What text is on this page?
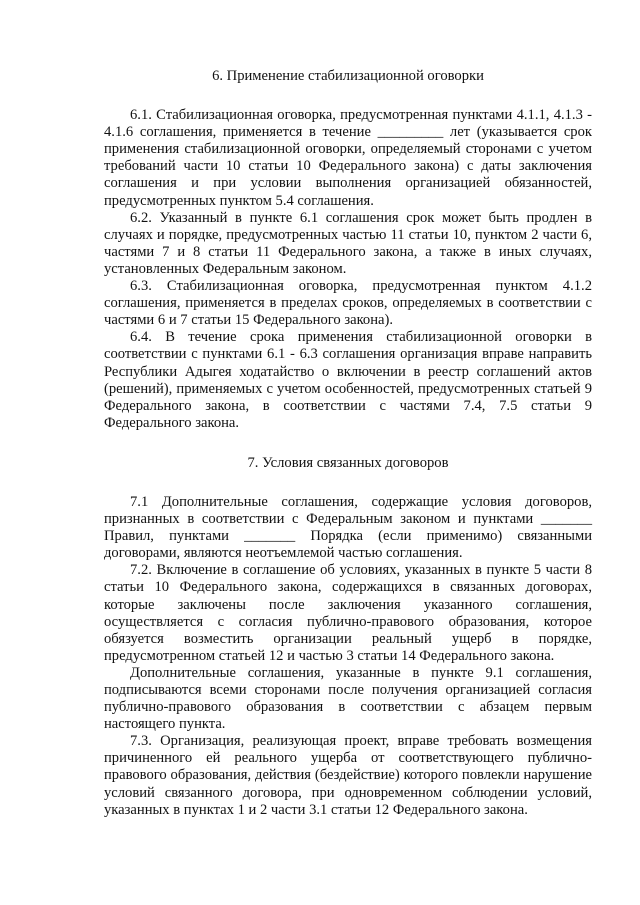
6. Применение стабилизационной оговорки

6.1. Стабилизационная оговорка, предусмотренная пунктами 4.1.1, 4.1.3 - 4.1.6 соглашения, применяется в течение _________ лет (указывается срок применения стабилизационной оговорки, определяемый сторонами с учетом требований части 10 статьи 10 Федерального закона) с даты заключения соглашения и при условии выполнения организацией обязанностей, предусмотренных пунктом 5.4 соглашения.

6.2. Указанный в пункте 6.1 соглашения срок может быть продлен в случаях и порядке, предусмотренных частью 11 статьи 10, пунктом 2 части 6, частями 7 и 8 статьи 11 Федерального закона, а также в иных случаях, установленных Федеральным законом.

6.3. Стабилизационная оговорка, предусмотренная пунктом 4.1.2 соглашения, применяется в пределах сроков, определяемых в соответствии с частями 6 и 7 статьи 15 Федерального закона).

6.4. В течение срока применения стабилизационной оговорки в соответствии с пунктами 6.1 - 6.3 соглашения организация вправе направить Республики Адыгея ходатайство о включении в реестр соглашений актов (решений), применяемых с учетом особенностей, предусмотренных статьей 9 Федерального закона, в соответствии с частями 7.4, 7.5 статьи 9 Федерального закона.

7. Условия связанных договоров

7.1 Дополнительные соглашения, содержащие условия договоров, признанных в соответствии с Федеральным законом и пунктами _______ Правил, пунктами _______ Порядка (если применимо) связанными договорами, являются неотъемлемой частью соглашения.

7.2. Включение в соглашение об условиях, указанных в пункте 5 части 8 статьи 10 Федерального закона, содержащихся в связанных договорах, которые заключены после заключения указанного соглашения, осуществляется с согласия публично-правового образования, которое обязуется возместить организации реальный ущерб в порядке, предусмотренном статьей 12 и частью 3 статьи 14 Федерального закона.

Дополнительные соглашения, указанные в пункте 9.1 соглашения, подписываются всеми сторонами после получения организацией согласия публично-правового образования в соответствии с абзацем первым настоящего пункта.

7.3. Организация, реализующая проект, вправе требовать возмещения причиненного ей реального ущерба от соответствующего публично-правового образования, действия (бездействие) которого повлекли нарушение условий связанного договора, при одновременном соблюдении условий, указанных в пунктах 1 и 2 части 3.1 статьи 12 Федерального закона.
